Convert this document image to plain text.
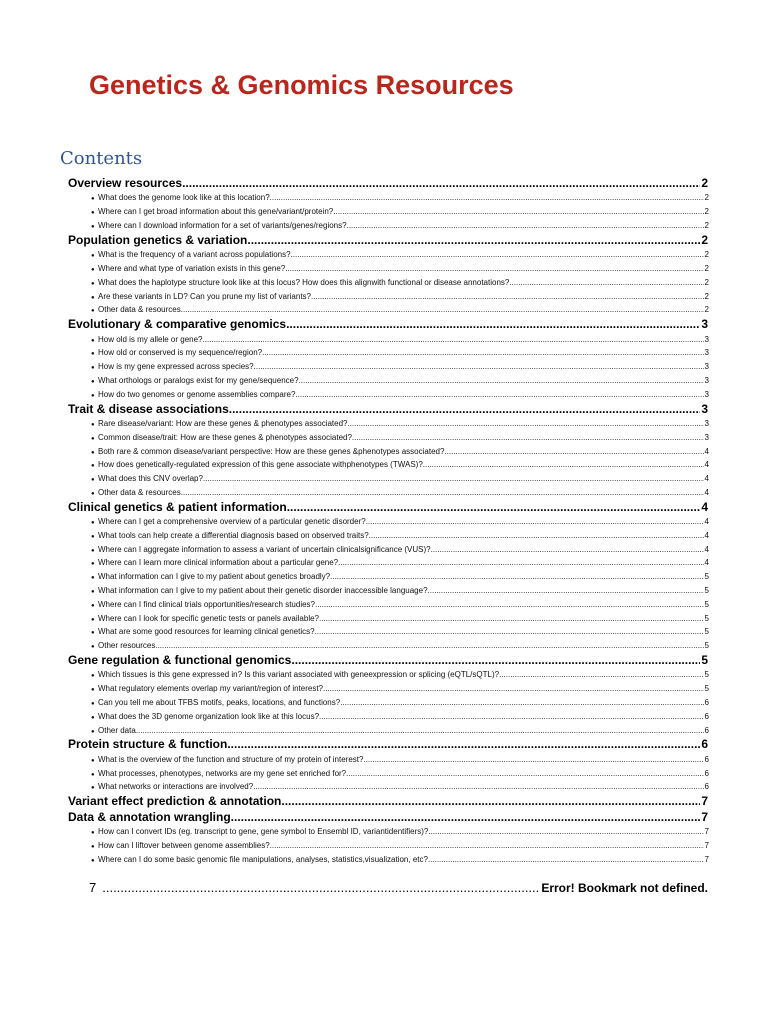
Genetics & Genomics Resources
Contents
Overview resources .....	2
● What does the genome look like at this location? .....	2
● Where can I get broad information about this gene/variant/protein? .....	2
● Where can I download information for a set of variants/genes/regions? .....	2
Population genetics & variation .....	2
● What is the frequency of a variant across populations? .....	2
● Where and what type of variation exists in this gene? .....	2
● What does the haplotype structure look like at this locus? How does this alignwith functional or disease annotations? .....	2
● Are these variants in LD? Can you prune my list of variants? .....	2
● Other data & resources .....	2
Evolutionary & comparative genomics .....	3
● How old is my allele or gene? .....	3
● How old or conserved is my sequence/region? .....	3
● How is my gene expressed across species? .....	3
● What orthologs or paralogs exist for my gene/sequence? .....	3
● How do two genomes or genome assemblies compare? .....	3
Trait & disease associations .....	3
● Rare disease/variant: How are these genes & phenotypes associated? .....	3
● Common disease/trait: How are these genes & phenotypes associated? .....	3
● Both rare & common disease/variant perspective: How are these genes &phenotypes associated? .....	4
● How does genetically-regulated expression of this gene associate withphenotypes (TWAS)? .....	4
● What does this CNV overlap? .....	4
● Other data & resources .....	4
Clinical genetics & patient information .....	4
● Where can I get a comprehensive overview of a particular genetic disorder? .....	4
● What tools can help create a differential diagnosis based on observed traits? .....	4
● Where can I aggregate information to assess a variant of uncertain clinicalsignificance (VUS)? .....	4
● Where can I learn more clinical information about a particular gene? .....	4
● What information can I give to my patient about genetics broadly? .....	5
● What information can I give to my patient about their genetic disorder inaccessible language? .....	5
● Where can I find clinical trials opportunities/research studies? .....	5
● Where can I look for specific genetic tests or panels available? .....	5
● What are some good resources for learning clinical genetics? .....	5
● Other resources .....	5
Gene regulation & functional genomics .....	5
● Which tissues is this gene expressed in? Is this variant associated with geneexpression or splicing (eQTL/sQTL)? .....	5
● What regulatory elements overlap my variant/region of interest? .....	5
● Can you tell me about TFBS motifs, peaks, locations, and functions? .....	6
● What does the 3D genome organization look like at this locus? .....	6
● Other data .....	6
Protein structure & function .....	6
● What is the overview of the function and structure of my protein of interest? .....	6
● What processes, phenotypes, networks are my gene set enriched for? .....	6
● What networks or interactions are involved? .....	6
Variant effect prediction & annotation .....	7
Data & annotation wrangling .....	7
● How can I convert IDs (eg. transcript to gene, gene symbol to Ensembl ID, variantidentifiers)? .....	7
● How can I liftover between genome assemblies? .....	7
● Where can I do some basic genomic file manipulations, analyses, statistics,visualization, etc? .....	7
7 .....	Error! Bookmark not defined.
